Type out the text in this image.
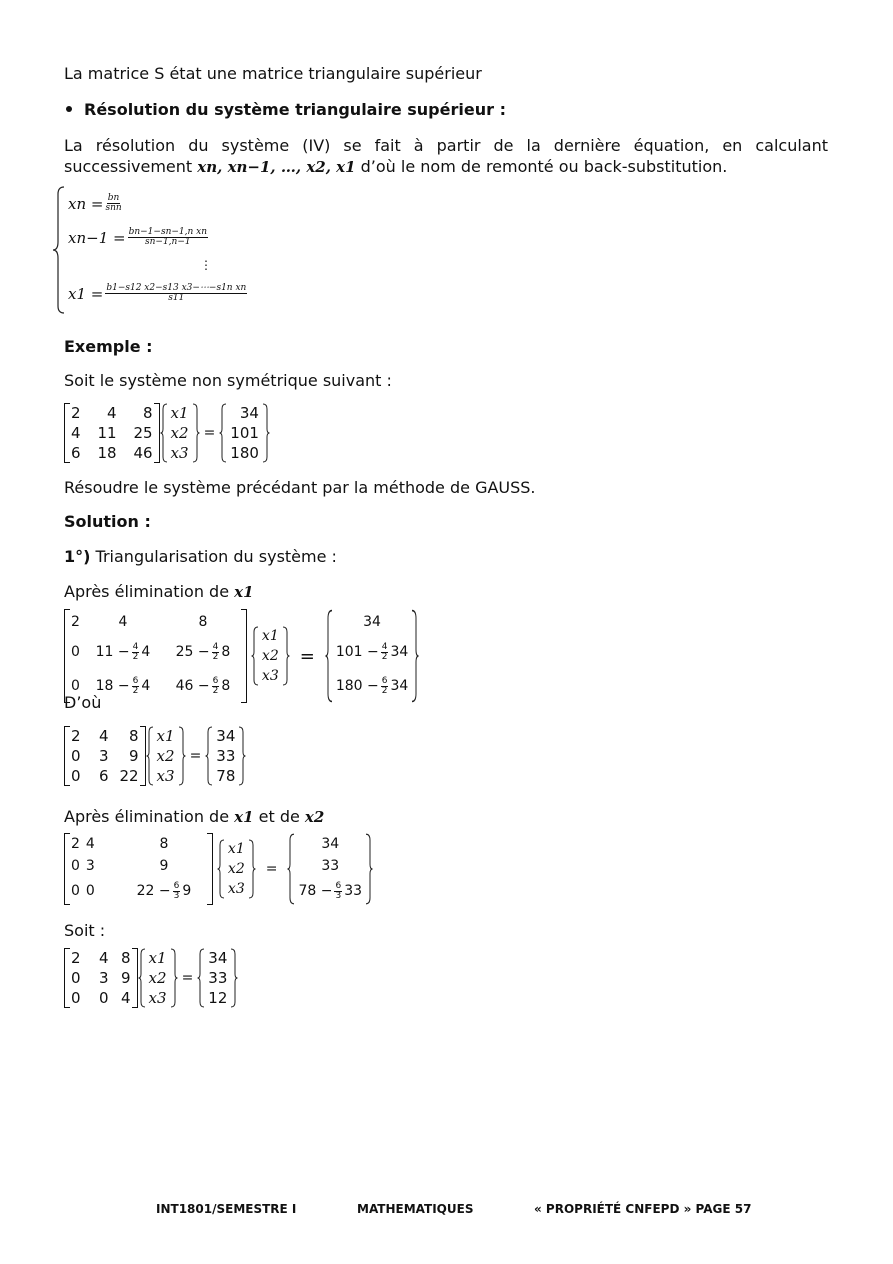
La matrice S état une matrice triangulaire supérieur
Résolution du système triangulaire supérieur :
La résolution du système (IV) se fait à partir de la dernière équation, en calculant
successivement xn, xn−1, …, x2, x1 d’où le nom de remonté ou back-substitution.
xn = $\frac{bn}{\text{snn}}$
$xn-1 = \frac{\text{bn−1−sn−1,n xn}}{sn-1,n-1}$
⋮
$x1 = \frac{\text{b1−s12 x2−s13 x3−⋯−s1n xn}}{s11}$
Exemple :
Soit le système non symétrique suivant :
2	4	8
4	11	25
6	18	46
x1
x2
x3
=
34
101
180
Résoudre le système précédant par la méthode de GAUSS.
Solution :
1°) Triangularisation du système :
Après élimination de x1
2	4	8
0	$11 - \frac{4}{2} 4$	$25 - \frac{4}{2} 8$
0	$18 - \frac{6}{2} 4$	$46 - \frac{6}{2} 8$
x1
x2
x3
=
34
$101 - \frac{4}{2} 34$
$180 - \frac{6}{2} 34$
D’où
2	4	8
0	3	9
0	6	22
x1
x2
x3
=
34
33
78
Après élimination de x1 et de x2
2	4	8
0	3	9
0	0	$22 - \frac{6}{3} 9$
x1
x2
x3
=
34
33
$78 - \frac{6}{3} 33$
Soit :
2	4	8
0	3	9
0	0	4
x1
x2
x3
=
34
33
12
INT1801/SEMESTRE I	MATHEMATIQUES	« PROPRIÉTÉ CNFEPD » PAGE 57
